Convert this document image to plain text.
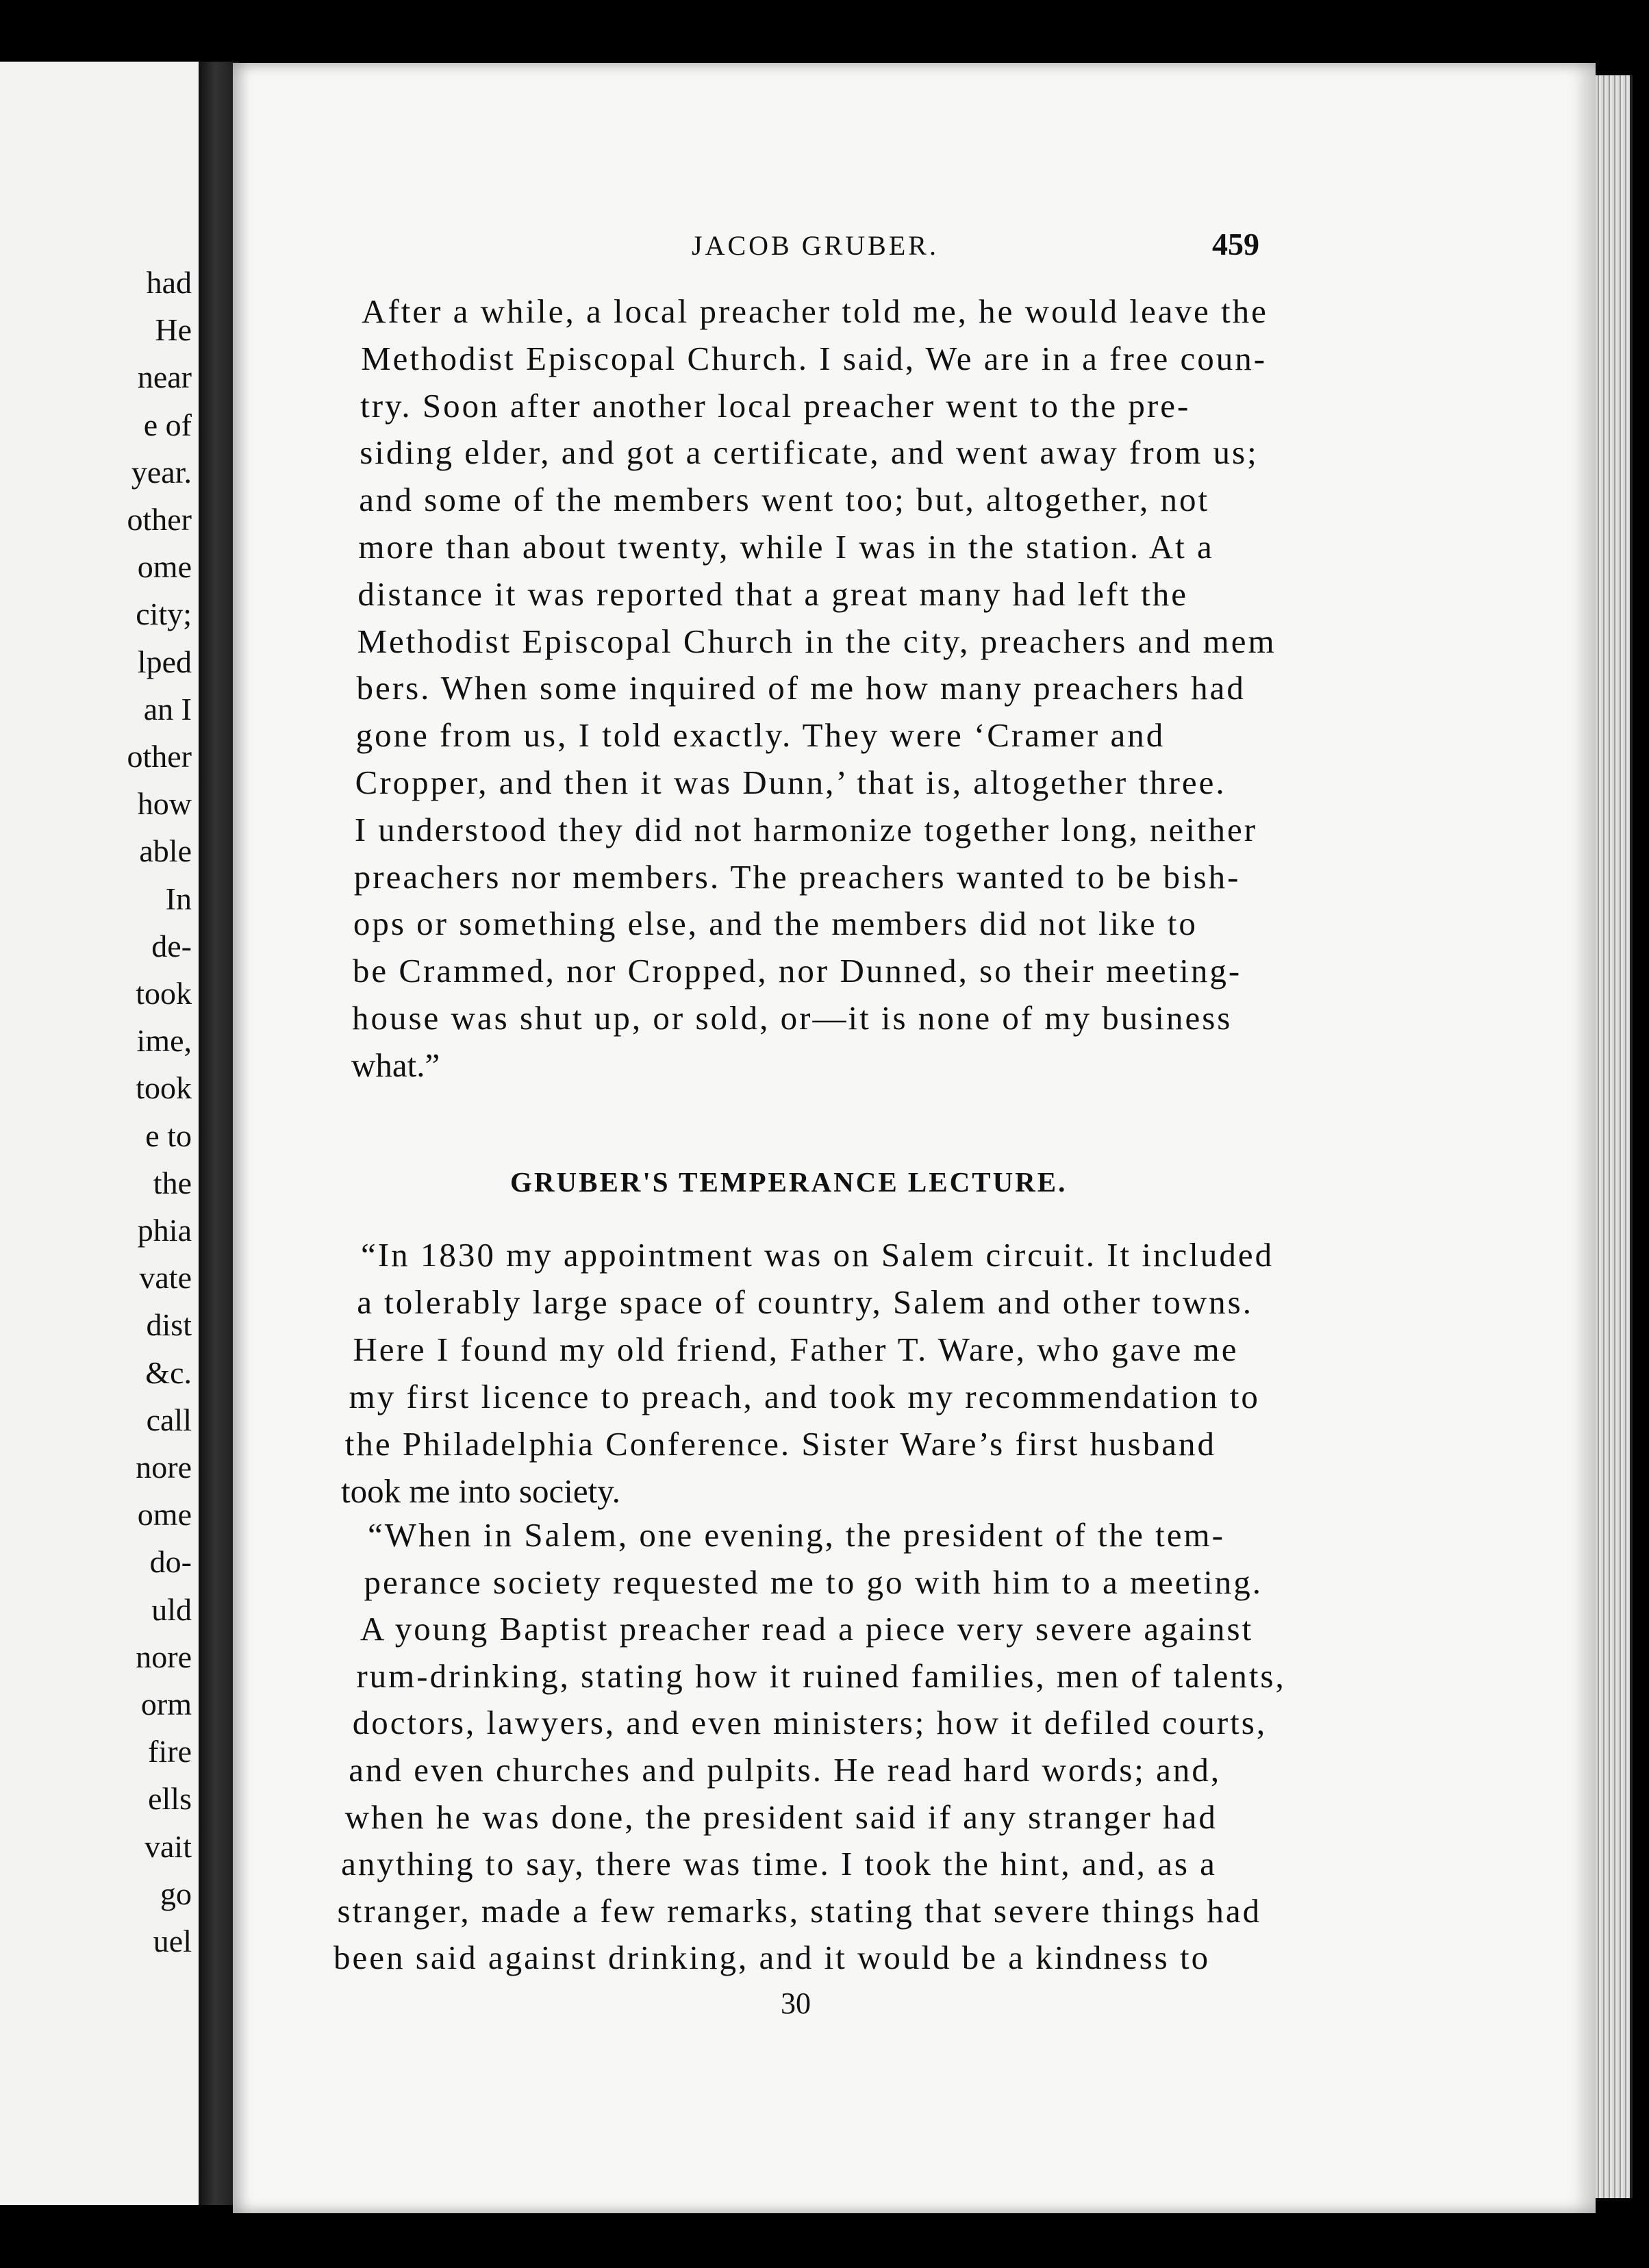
had
He
near
e of
year.
other
ome
city;
lped
an I
other
how
able
In
de-
took
ime,
took
e to
the
phia
vate
dist
&c.
call
nore
ome
do-
uld
nore
orm
fire
ells
vait
go
uel
JACOB GRUBER.	459
After a while, a local preacher told me, he would leave the
Methodist Episcopal Church. I said, We are in a free coun-
try. Soon after another local preacher went to the pre-
siding elder, and got a certificate, and went away from us;
and some of the members went too; but, altogether, not
more than about twenty, while I was in the station. At a
distance it was reported that a great many had left the
Methodist Episcopal Church in the city, preachers and mem
bers. When some inquired of me how many preachers had
gone from us, I told exactly. They were ‘Cramer and
Cropper, and then it was Dunn,’ that is, altogether three.
I understood they did not harmonize together long, neither
preachers nor members. The preachers wanted to be bish-
ops or something else, and the members did not like to
be Crammed, nor Cropped, nor Dunned, so their meeting-
house was shut up, or sold, or—it is none of my business
what.”
GRUBER'S TEMPERANCE LECTURE.
“In 1830 my appointment was on Salem circuit. It included
a tolerably large space of country, Salem and other towns.
Here I found my old friend, Father T. Ware, who gave me
my first licence to preach, and took my recommendation to
the Philadelphia Conference. Sister Ware’s first husband
took me into society.
“When in Salem, one evening, the president of the tem-
perance society requested me to go with him to a meeting.
A young Baptist preacher read a piece very severe against
rum-drinking, stating how it ruined families, men of talents,
doctors, lawyers, and even ministers; how it defiled courts,
and even churches and pulpits. He read hard words; and,
when he was done, the president said if any stranger had
anything to say, there was time. I took the hint, and, as a
stranger, made a few remarks, stating that severe things had
been said against drinking, and it would be a kindness to
30
